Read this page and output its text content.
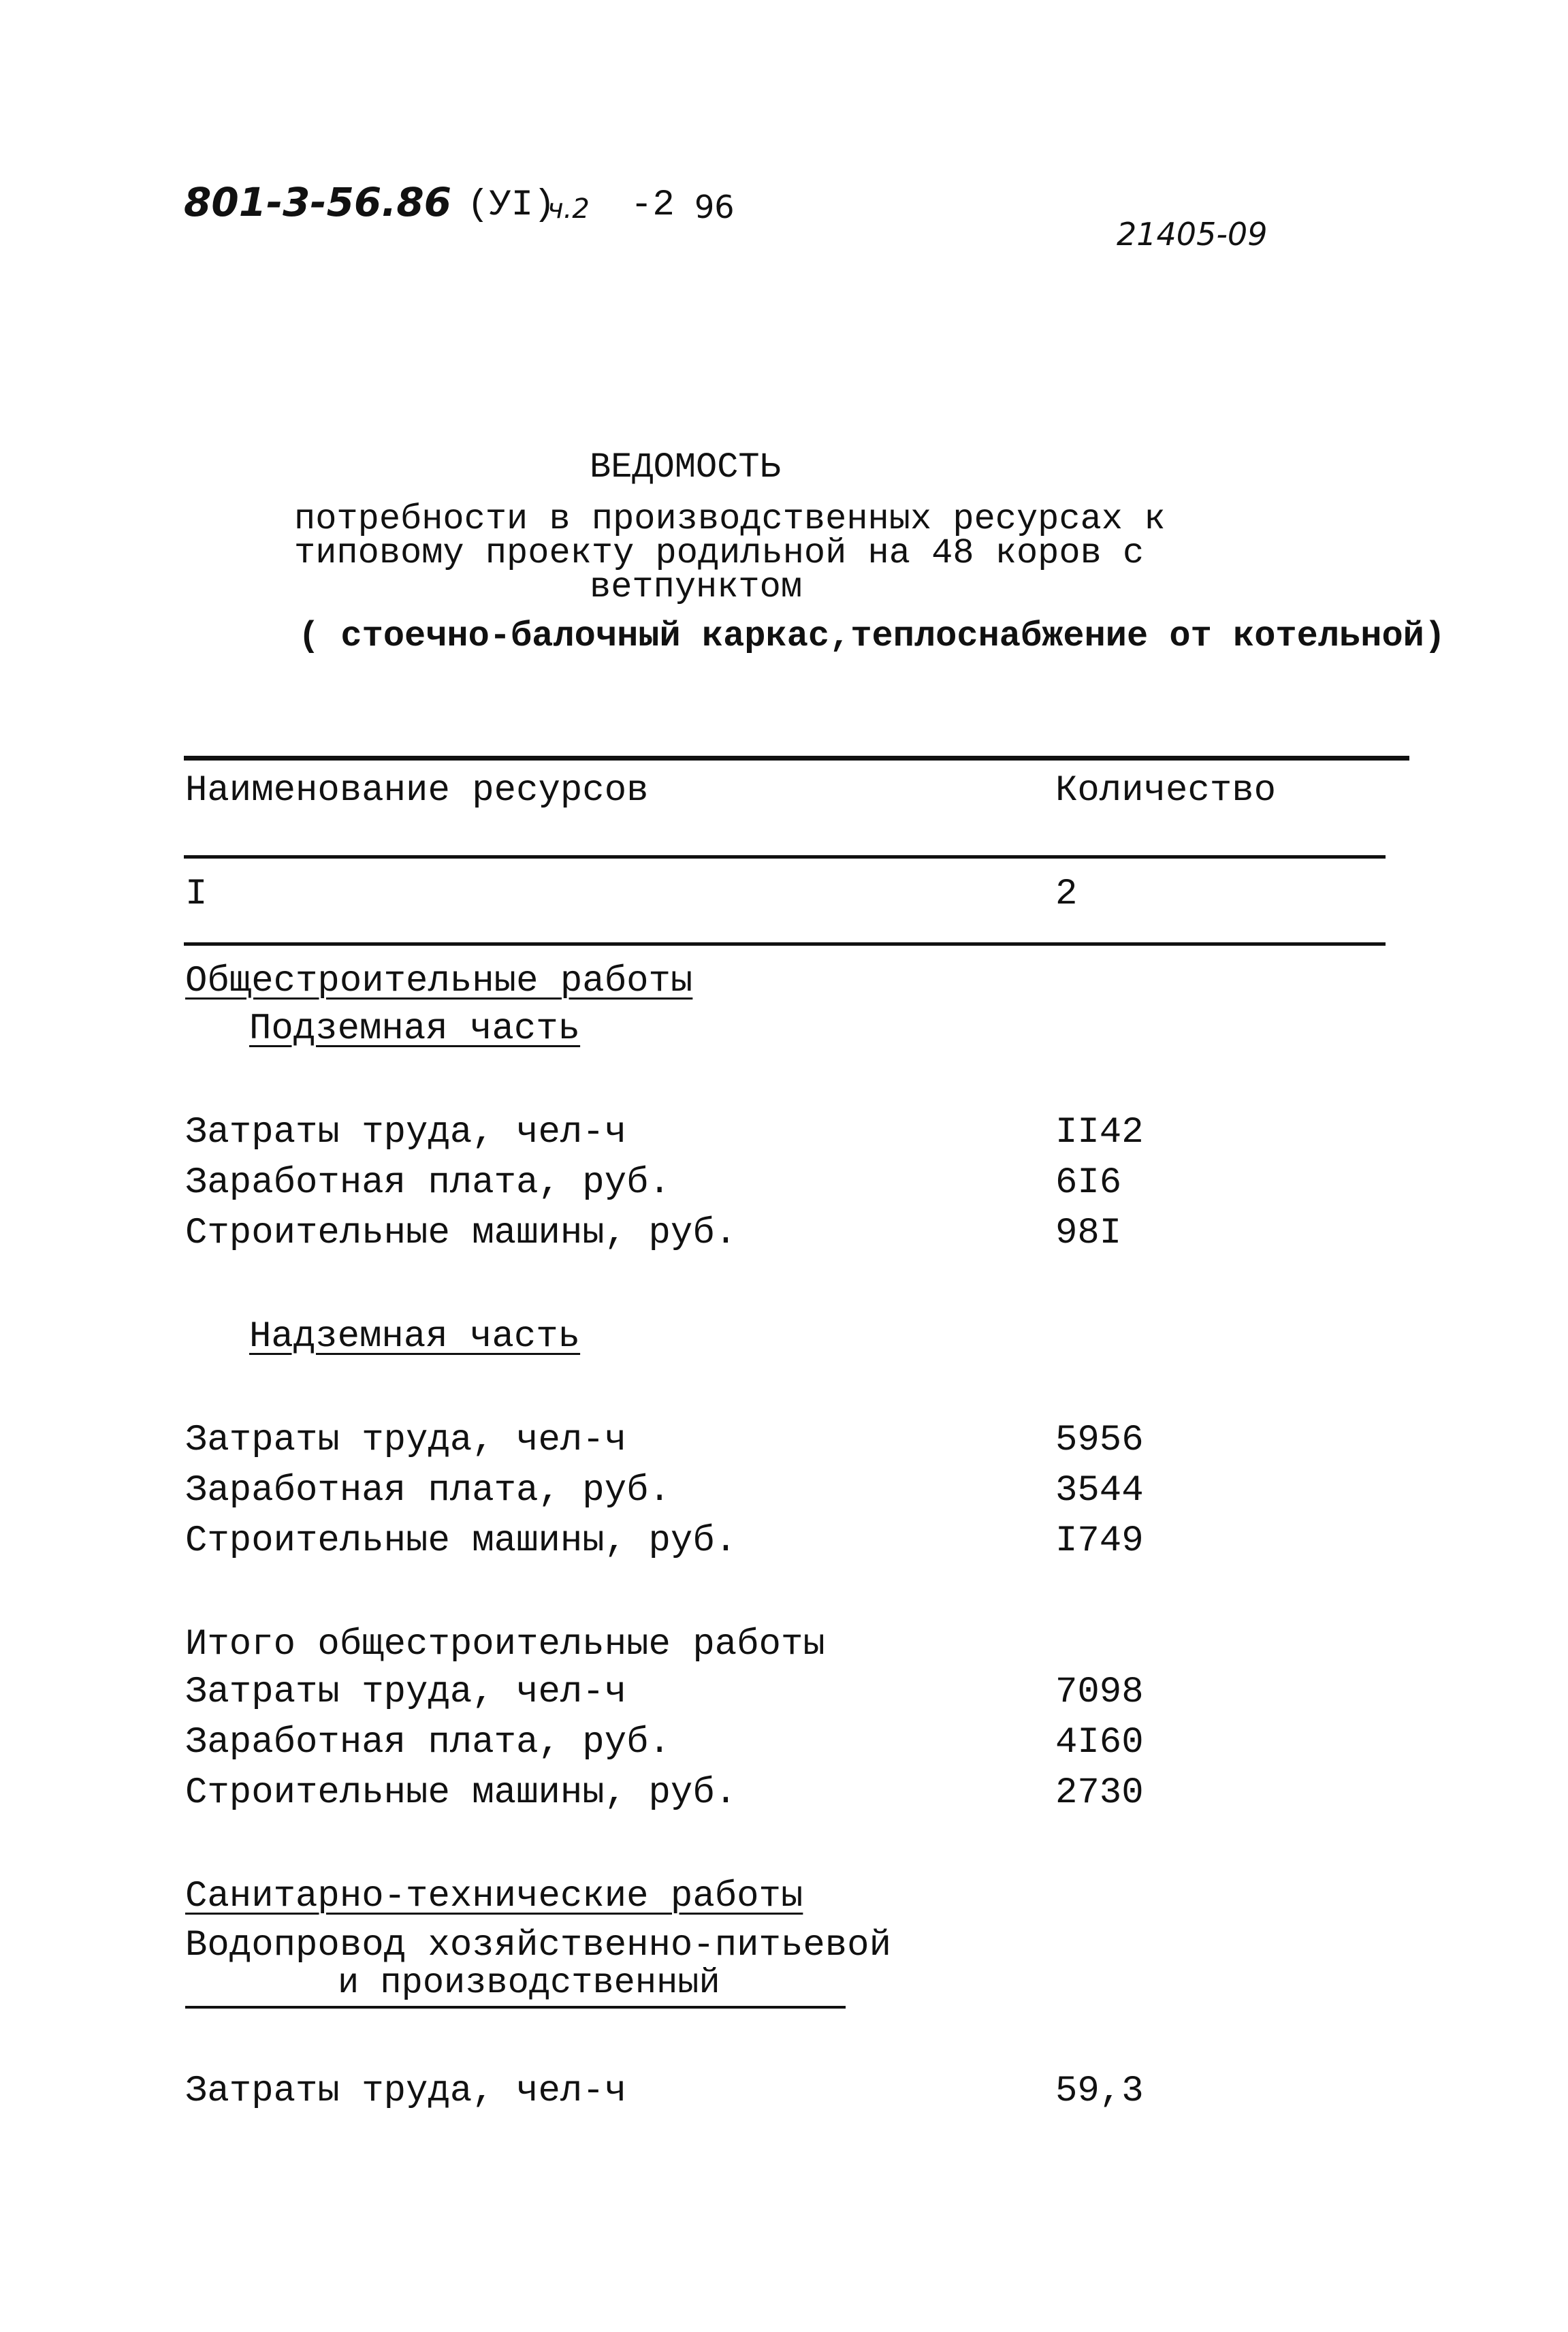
801-3-56.86 (УI)
ч.2 -2 96
21405-09
ВЕДОМОСТЬ
потребности в производственных ресурсах к
типовому проекту родильной на 48 коров с
ветпунктом
( стоечно-балочный каркас,теплоснабжение от котельной)
Наименование ресурсов	Количество
I	2
Общестроительные работы
Подземная часть
Затраты труда, чел-ч	II42
Заработная плата, руб.	6I6
Строительные машины, руб.	98I
Надземная часть
Затраты труда, чел-ч	5956
Заработная плата, руб.	3544
Строительные машины, руб.	I749
Итого общестроительные работы
Затраты труда, чел-ч	7098
Заработная плата, руб.	4I60
Строительные машины, руб.	2730
Санитарно-технические работы
Водопровод хозяйственно-питьевой
и производственный
Затраты труда, чел-ч	59,3
